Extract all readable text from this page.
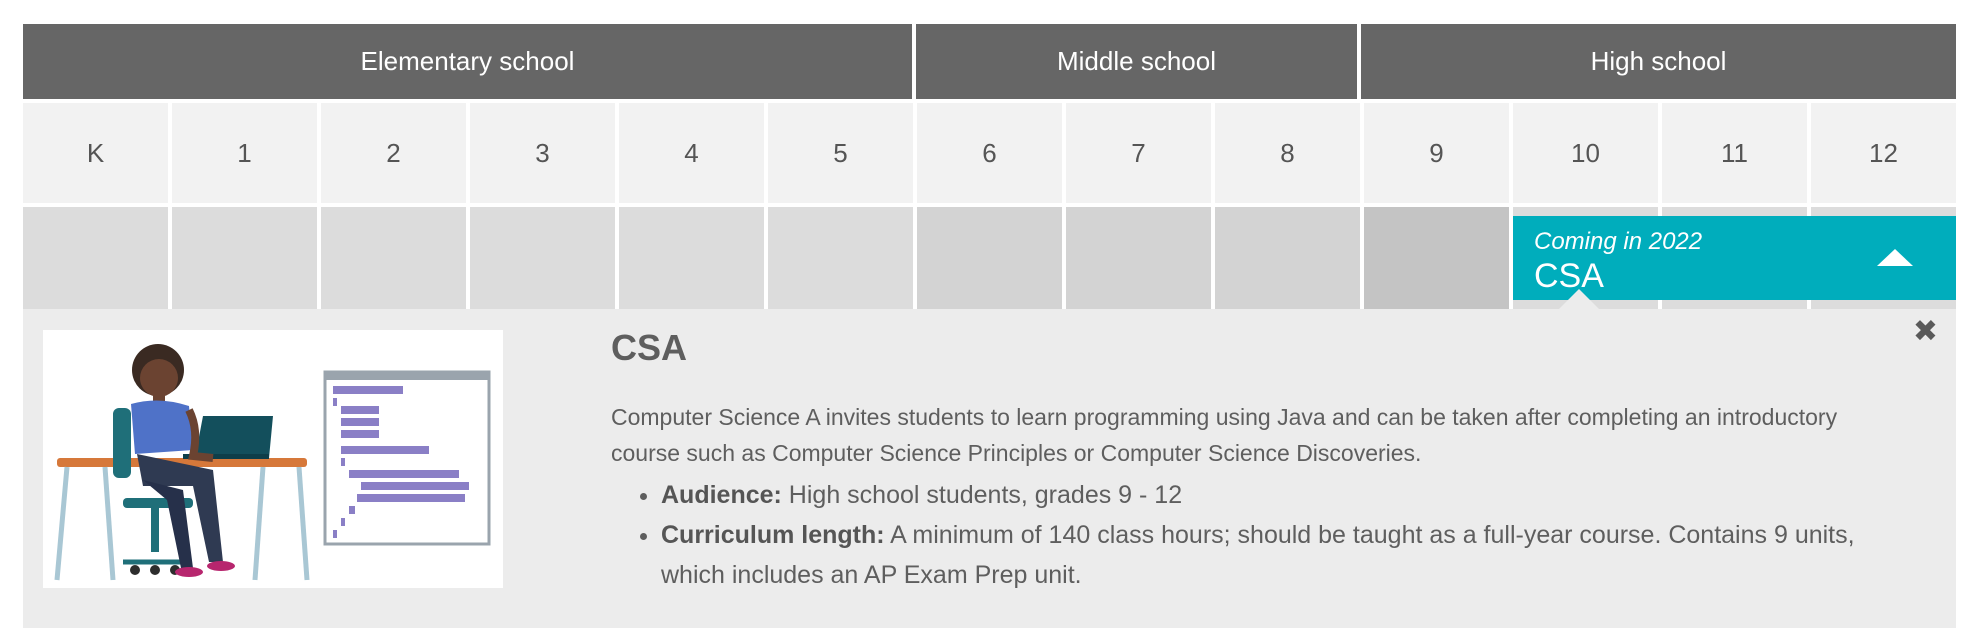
Elementary school	Middle school	High school
K	1	2	3	4	5	6	7	8	9	10	11	12
Coming in 2022
CSA
✖
CSA

Computer Science A invites students to learn programming using Java and can be taken after completing an introductory course such as Computer Science Principles or Computer Science Discoveries.

• Audience: High school students, grades 9 - 12
• Curriculum length: A minimum of 140 class hours; should be taught as a full-year course. Contains 9 units, which includes an AP Exam Prep unit.
